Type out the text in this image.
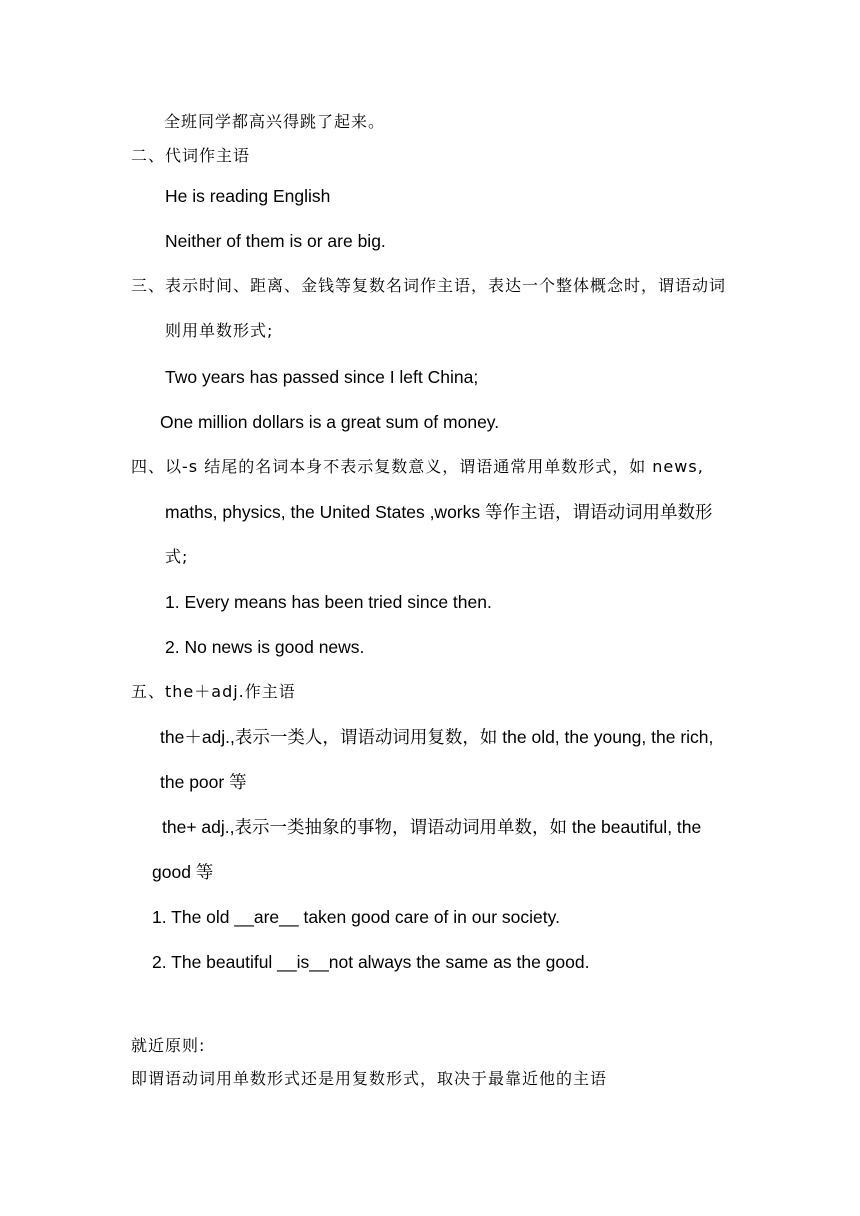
全班同学都高兴得跳了起来。
二、代词作主语
He is reading English
Neither of them is or are big.
三、表示时间、距离、金钱等复数名词作主语，表达一个整体概念时，谓语动词
则用单数形式;
Two years has passed since I left China;
One million dollars is a great sum of money.
四、以-s 结尾的名词本身不表示复数意义，谓语通常用单数形式，如 news,
maths, physics, the United States ,works 等作主语，谓语动词用单数形
式;
1. Every means has been tried since then.
2. No news is good news.
五、the＋adj.作主语
the＋adj.,表示一类人，谓语动词用复数，如 the old, the young, the rich,
the poor 等
the+ adj.,表示一类抽象的事物，谓语动词用单数，如 the beautiful, the
good 等
1. The old __are__ taken good care of in our society.
2. The beautiful __is__not always the same as the good.
就近原则:
即谓语动词用单数形式还是用复数形式，取决于最靠近他的主语
